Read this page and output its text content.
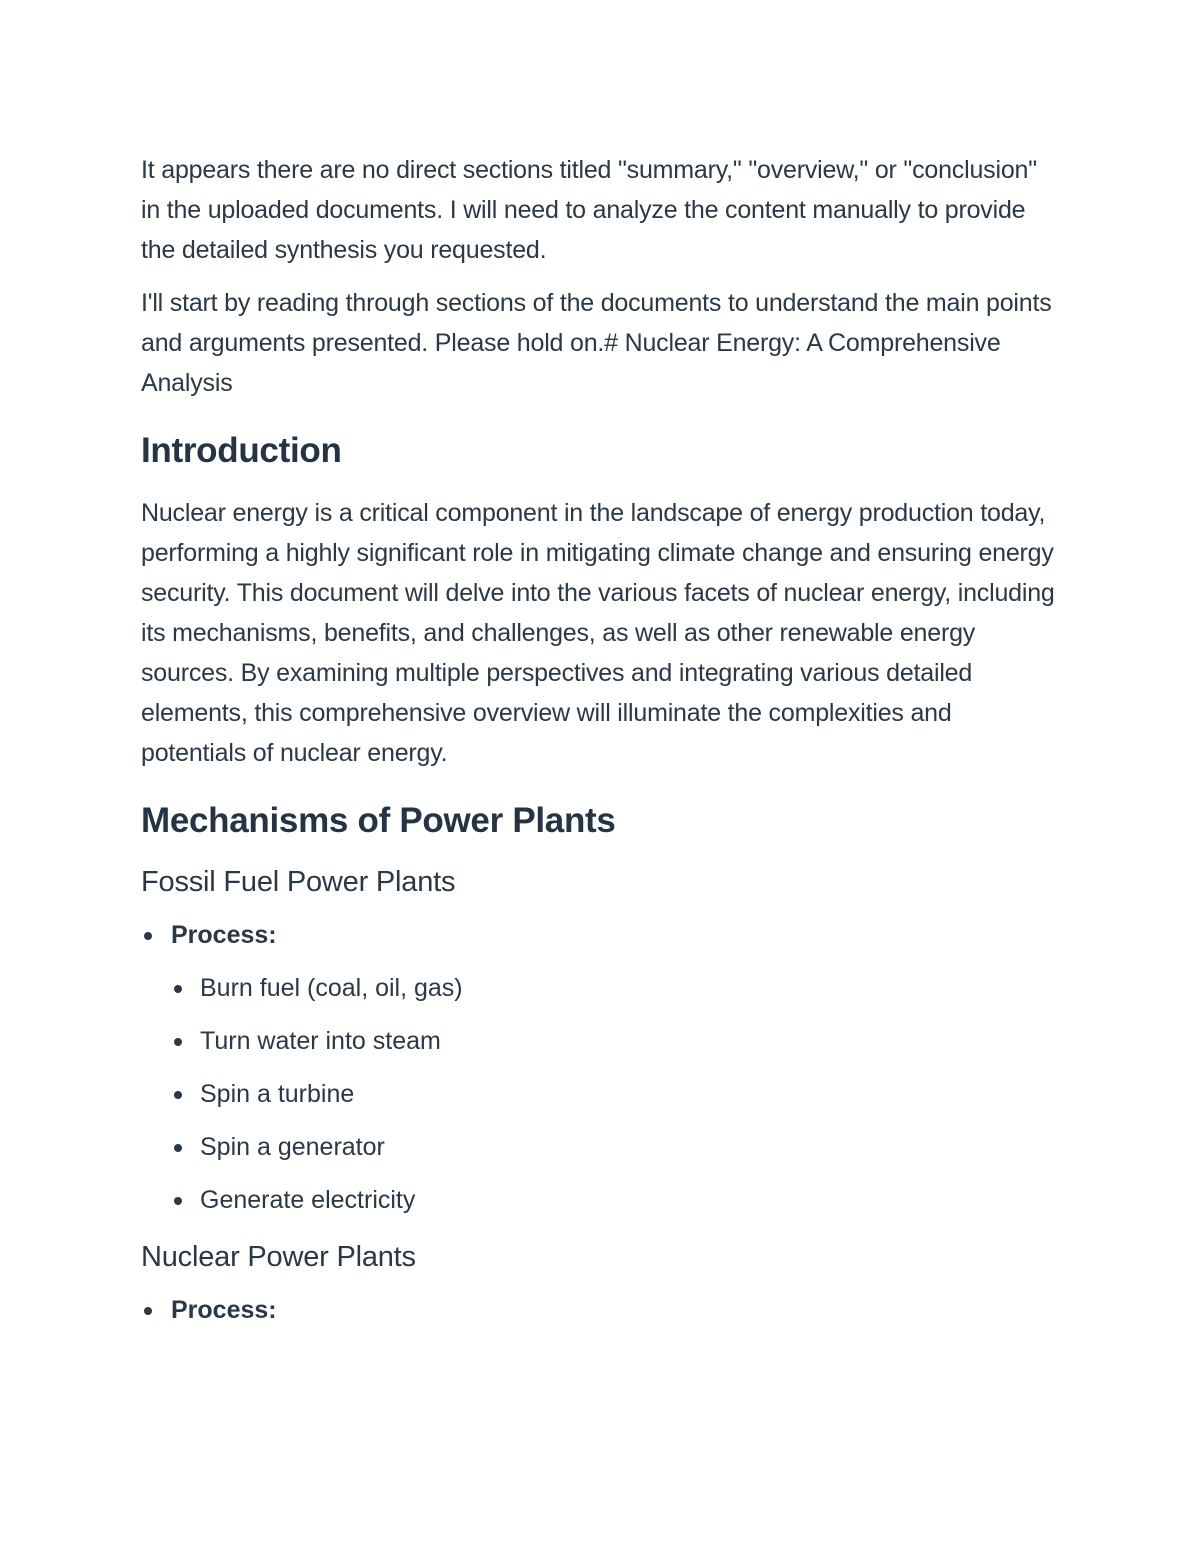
It appears there are no direct sections titled "summary," "overview," or "conclusion" in the uploaded documents. I will need to analyze the content manually to provide the detailed synthesis you requested.

I'll start by reading through sections of the documents to understand the main points and arguments presented. Please hold on.# Nuclear Energy: A Comprehensive Analysis

Introduction

Nuclear energy is a critical component in the landscape of energy production today, performing a highly significant role in mitigating climate change and ensuring energy security. This document will delve into the various facets of nuclear energy, including its mechanisms, benefits, and challenges, as well as other renewable energy sources. By examining multiple perspectives and integrating various detailed elements, this comprehensive overview will illuminate the complexities and potentials of nuclear energy.

Mechanisms of Power Plants
Fossil Fuel Power Plants
Process:
Burn fuel (coal, oil, gas)
Turn water into steam
Spin a turbine
Spin a generator
Generate electricity
Nuclear Power Plants
Process:
